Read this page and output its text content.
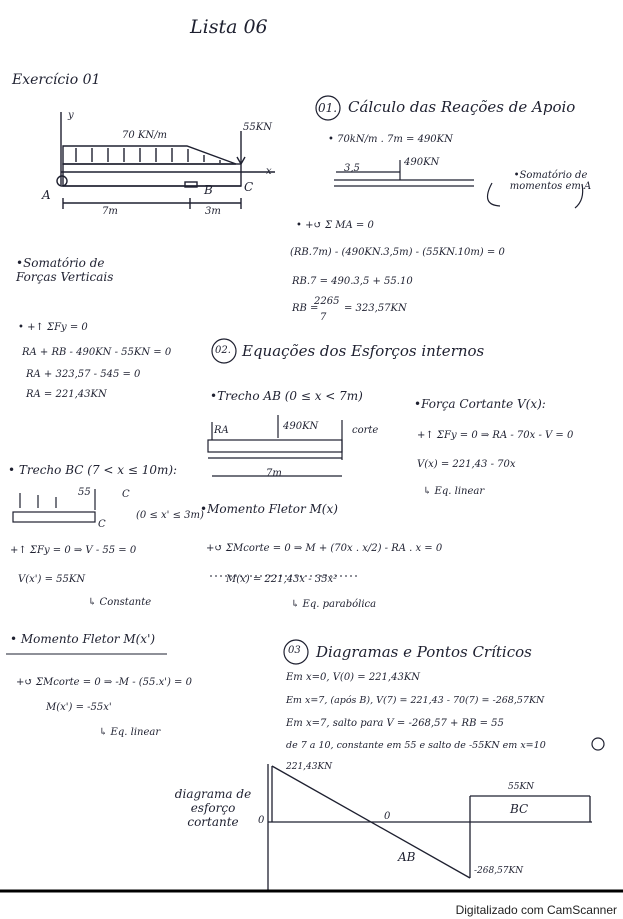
Lista 06
Exercício 01
y
x
70 KN/m
55KN
A	B	C
7m	3m
01. Cálculo das Reações de Apoio
• 70kN/m . 7m = 490KN
3,5
490KN
•Somatório de momentos em A
• +↺ Σ MA = 0
(RB.7m) - (490KN.3,5m) - (55KN.10m) = 0
RB.7 = 490.3,5 + 55.10
RB =
2265
7
= 323,57KN
•Somatório de Forças Verticais
• +↑ ΣFy = 0
RA + RB - 490KN - 55KN = 0
RA + 323,57 - 545 = 0
RA = 221,43KN
02. Equações dos Esforços internos
•Trecho AB (0 ≤ x < 7m)
RA	490KN	corte
7m
•Força Cortante V(x):
+↑ ΣFy = 0 ⇒ RA - 70x - V = 0
V(x) = 221,43 - 70x
↳ Eq. linear
•Momento Fletor M(x)
+↺ ΣMcorte = 0 ⇒ M + (70x . x/2) - RA . x = 0
M(x) = 221,43x - 35x²
↳ Eq. parabólica
• Trecho BC (7 < x ≤ 10m):
55	C
C
(0 ≤ x' ≤ 3m)
+↑ ΣFy = 0 ⇒ V - 55 = 0
V(x') = 55KN
↳ Constante
• Momento Fletor M(x')
+↺ ΣMcorte = 0 ⇒ -M - (55.x') = 0
M(x') = -55x'
↳ Eq. linear
03 Diagramas e Pontos Críticos
Em x=0, V(0) = 221,43KN
Em x=7, (após B), V(7) = 221,43 - 70(7) = -268,57KN
Em x=7, salto para V = -268,57 + RB = 55
de 7 a 10, constante em 55 e salto de -55KN em x=10
diagrama de esforço cortante	0
221,43KN
-268,57KN
55KN
0
AB
BC
Digitalizado com CamScanner
